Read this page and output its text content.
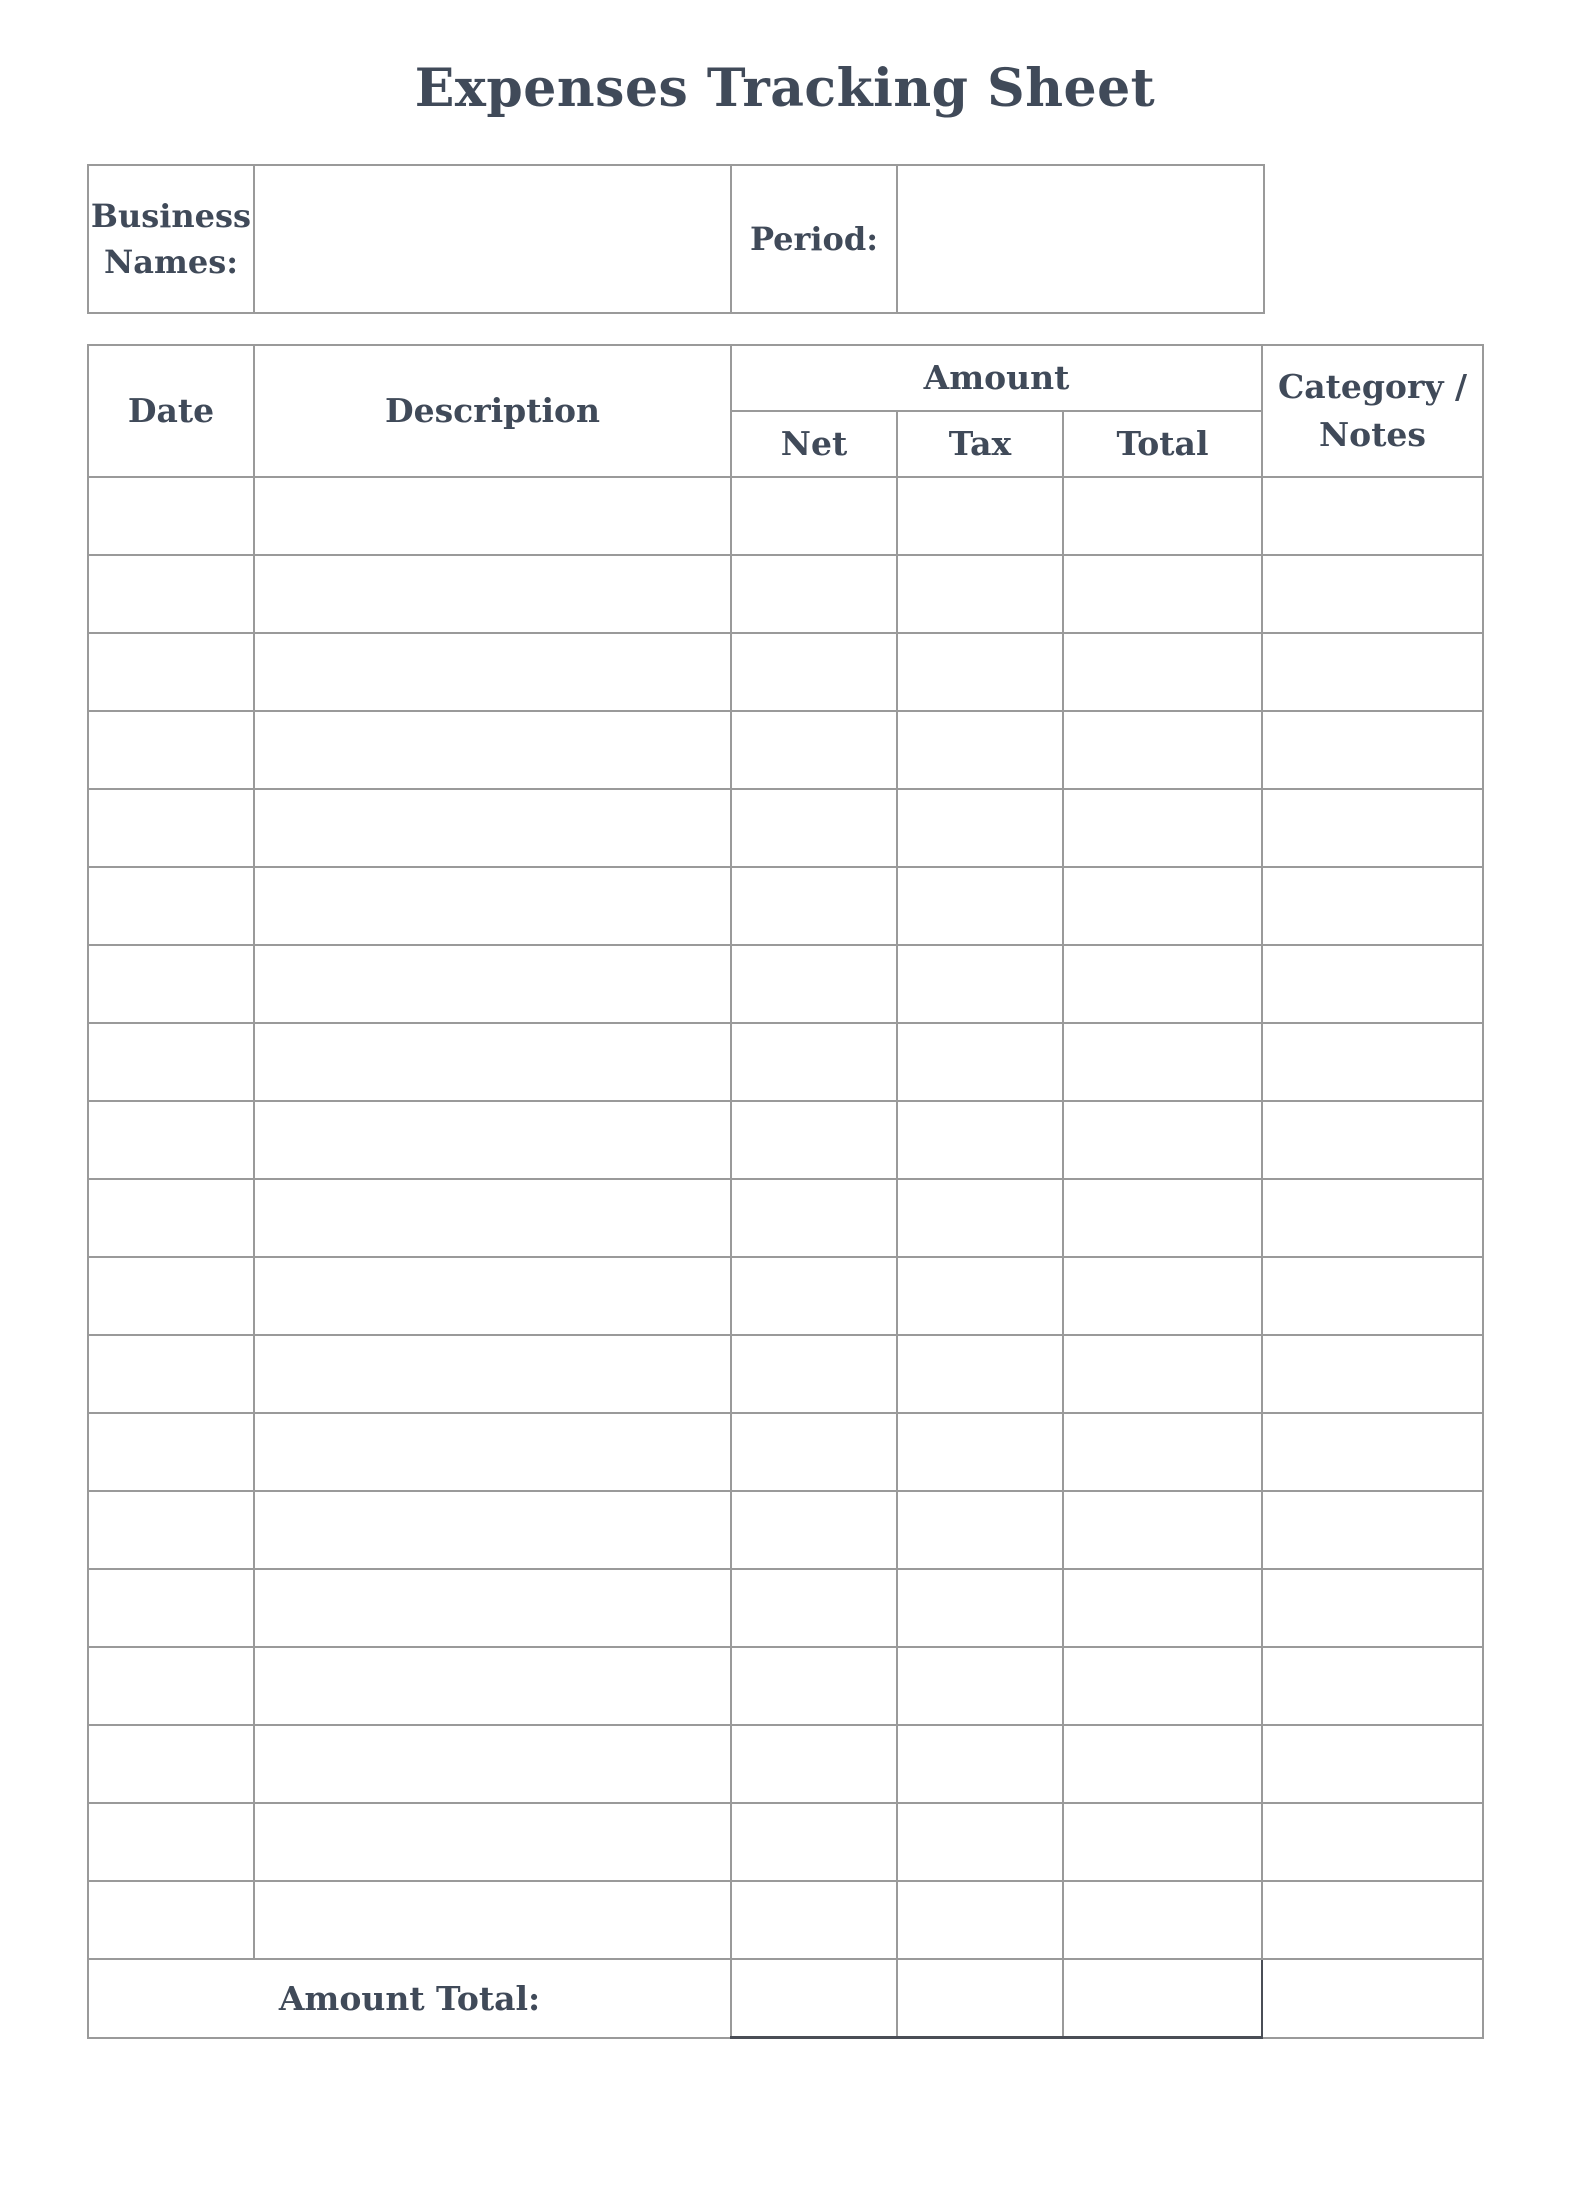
Expenses Tracking Sheet
Business Names:		Period:	
Date	Description	Amount			Category / Notes
		Net	Tax	Total	

Amount Total:					
